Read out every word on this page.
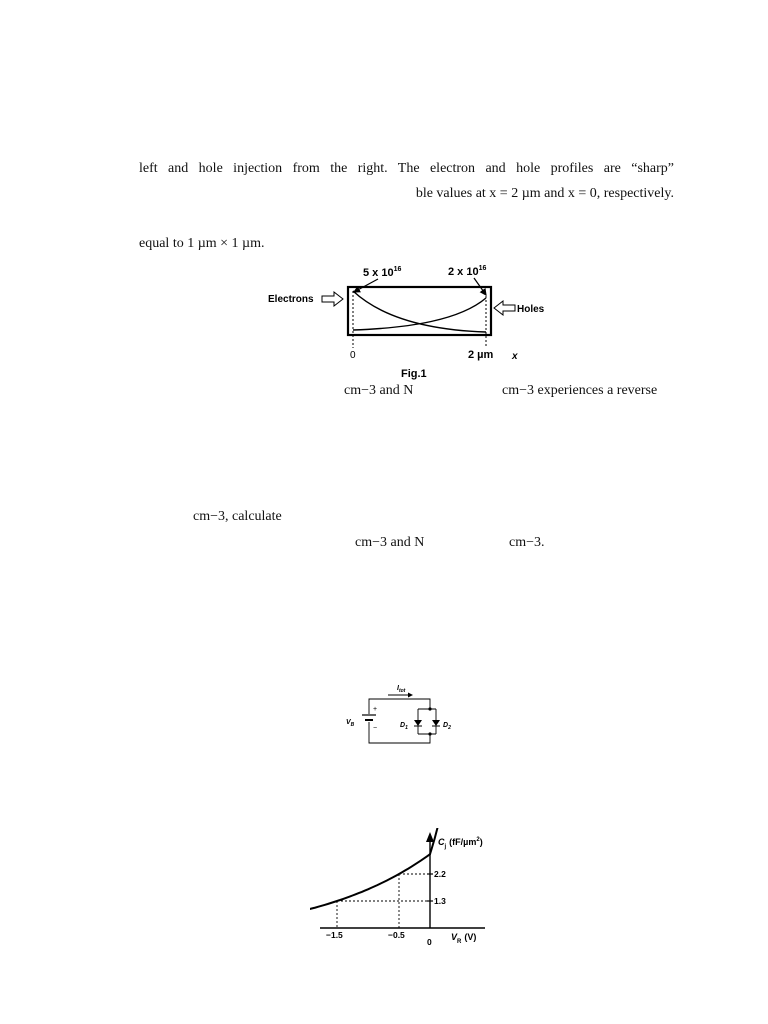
left and hole injection from the right. The electron and hole profiles are “sharp”
ble values at x = 2 µm and x = 0, respectively.
equal to 1 µm × 1 µm.
5 x $10^{16}$	2 x $10^{16}$
Electrons
Holes
0	2 µm x
Fig.1
cm−3 and N	cm−3 experiences a reverse
cm−3, calculate
cm−3 and N	cm−3.
$I_{tot}$
+
−
$V_B$	$D_1$	$D_2$
$C_j$ (fF/µm$^2$)
−1.5	−0.5
0
2.2
1.3
$V_R$ (V)
